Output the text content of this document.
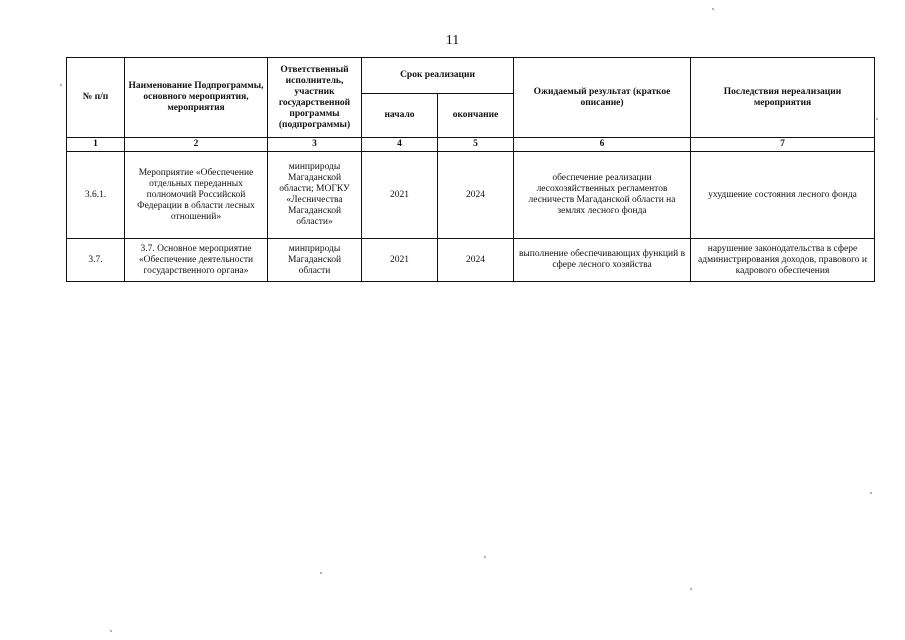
11
№ п/п	Наименование Подпрограммы, основного мероприятия, мероприятия	Ответственный исполнитель, участник государственной программы (подпрограммы)	Срок реализации		Ожидаемый результат (краткое описание)	Последствия нереализации мероприятия
			начало	окончание		
1	2	3	4	5	6	7
3.6.1.	Мероприятие «Обеспечение отдельных переданных полномочий Российской Федерации в области лесных отношений»	минприроды Магаданской области; МОГКУ «Лесничества Магаданской области»	2021	2024	обеспечение реализации лесохозяйственных регламентов лесничеств Магаданской области на землях лесного фонда	ухудшение состояния лесного фонда
3.7.	3.7. Основное мероприятие «Обеспечение деятельности государственного органа»	минприроды Магаданской области	2021	2024	выполнение обеспечивающих функций в сфере лесного хозяйства	нарушение законодательства в сфере администрирования доходов, правового и кадрового обеспечения
